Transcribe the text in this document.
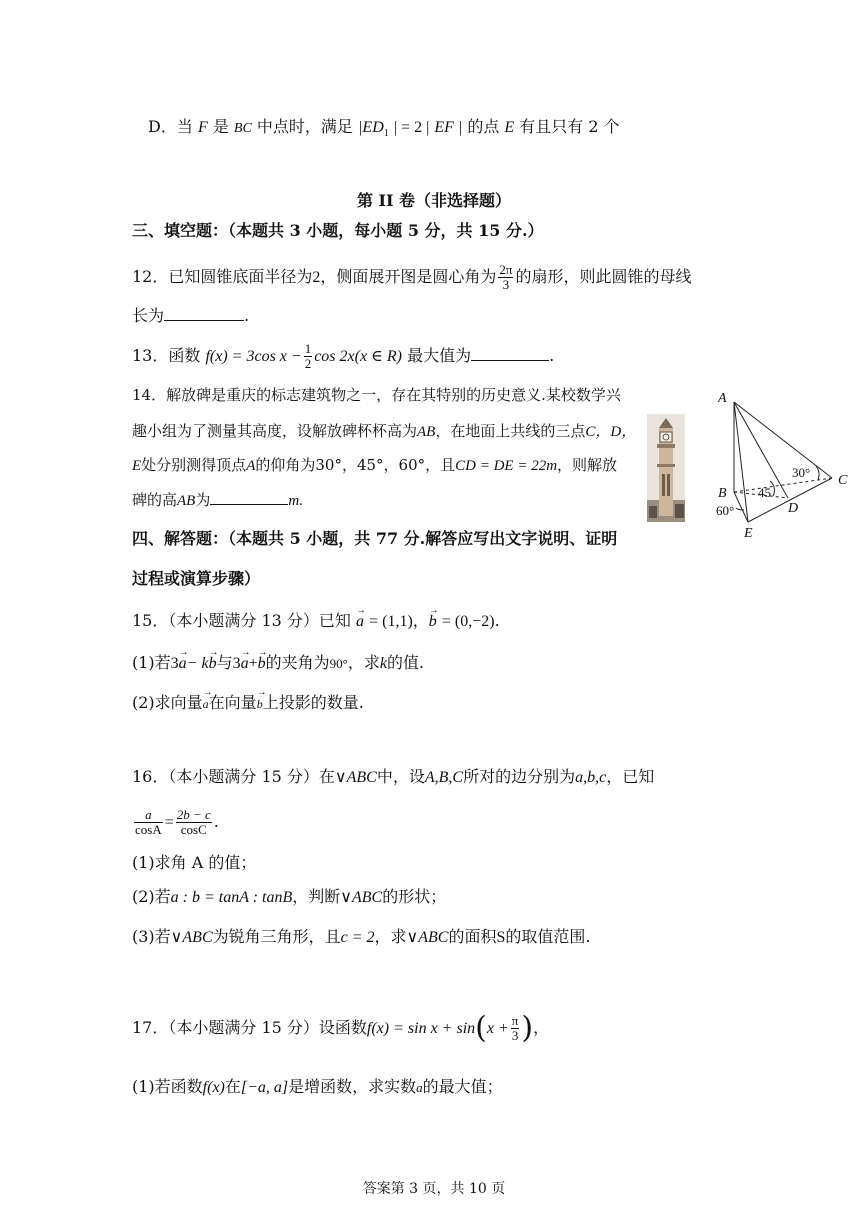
D．当 F 是 BC 中点时，满足 $|ED_1$ | = 2 | EF | 的点 E 有且只有 2 个
第 II 卷（非选择题）
三、填空题：（本题共 3 小题，每小题 5 分，共 15 分.）
12．已知圆锥底面半径为2，侧面展开图是圆心角为 $\frac{2\pi}{3}$ 的扇形，则此圆锥的母线
长为	.
13．函数 f(x) = 3cos $x - \frac{1}{2}$ cos 2x(x ∈ R) 最大值为	.
14．解放碑是重庆的标志建筑物之一，存在其特别的历史意义.某校数学兴
趣小组为了测量其高度，设解放碑杯杯高为AB，在地面上共线的三点C，D，
E处分别测得顶点A的仰角为30°，45°，60°，且CD = DE = 22m，则解放
碑的高AB为	m.
A
B
C
D
E
30°
45
60°
四、解答题：（本题共 5 小题，共 77 分.解答应写出文字说明、证明
过程或演算步骤）
15．（本小题满分 13 分）已知 → a = (1,1)，→ b = (0,−2).
(1)若3→ a− k→ b与3→ a+→ b的夹角为90°，求k的值.
(2)求向量→ a在向量→ b上投影的数量.
16．（本小题满分 15 分）在∨ABC中，设A,B,C所对的边分别为a,b,c，已知
$\frac{a}{\cos A} = \frac{2b - c}{\cos C}$ .
(1)求角 A 的值；
(2)若a : b = tanA : tanB，判断∨ABC的形状；
(3)若∨ABC为锐角三角形，且c = 2，求∨ABC的面积S的取值范围.
17．（本小题满分 15 分）设函数$f(x) = \sin x + \sin(x + \frac{\pi}{3}$ )，
(1)若函数f(x)在[−a, a]是增函数，求实数a的最大值；
答案第 3 页，共 10 页
